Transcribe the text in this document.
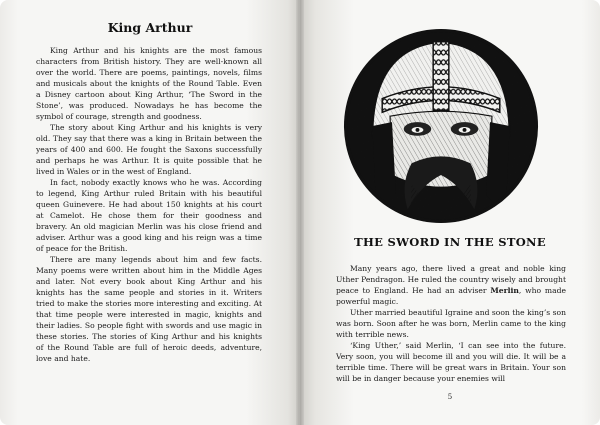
King Arthur

King Arthur and his knights are the most famous characters from British history. They are well-known all over the world. There are poems, paintings, novels, films and musicals about the knights of the Round Table. Even a Disney cartoon about King Arthur, ‘The Sword in the Stone’, was produced. Nowadays he has become the symbol of courage, strength and goodness.

The story about King Arthur and his knights is very old. They say that there was a king in Britain between the years of 400 and 600. He fought the Saxons successfully and perhaps he was Arthur. It is quite possible that he lived in Wales or in the west of England.

In fact, nobody exactly knows who he was. According to legend, King Arthur ruled Britain with his beautiful queen Guinevere. He had about 150 knights at his court at Camelot. He chose them for their goodness and bravery. An old magician Merlin was his close friend and adviser. Arthur was a good king and his reign was a time of peace for the British.

There are many legends about him and few facts. Many poems were written about him in the Middle Ages and later. Not every book about King Arthur and his knights has the same people and stories in it. Writers tried to make the stories more interesting and exciting. At that time people were interested in magic, knights and their ladies. So people fight with swords and use magic in these stories. The stories of King Arthur and his knights of the Round Table are full of heroic deeds, adventure, love and hate.

THE SWORD IN THE STONE

Many years ago, there lived a great and noble king Uther Pendragon. He ruled the country wisely and brought peace to England. He had an adviser Merlin, who made powerful magic.

Uther married beautiful Igraine and soon the king’s son was born. Soon after he was born, Merlin came to the king with terrible news.

‘King Uther,’ said Merlin, ‘I can see into the future. Very soon, you will become ill and you will die. It will be a terrible time. There will be great wars in Britain. Your son will be in danger because your enemies will

5
